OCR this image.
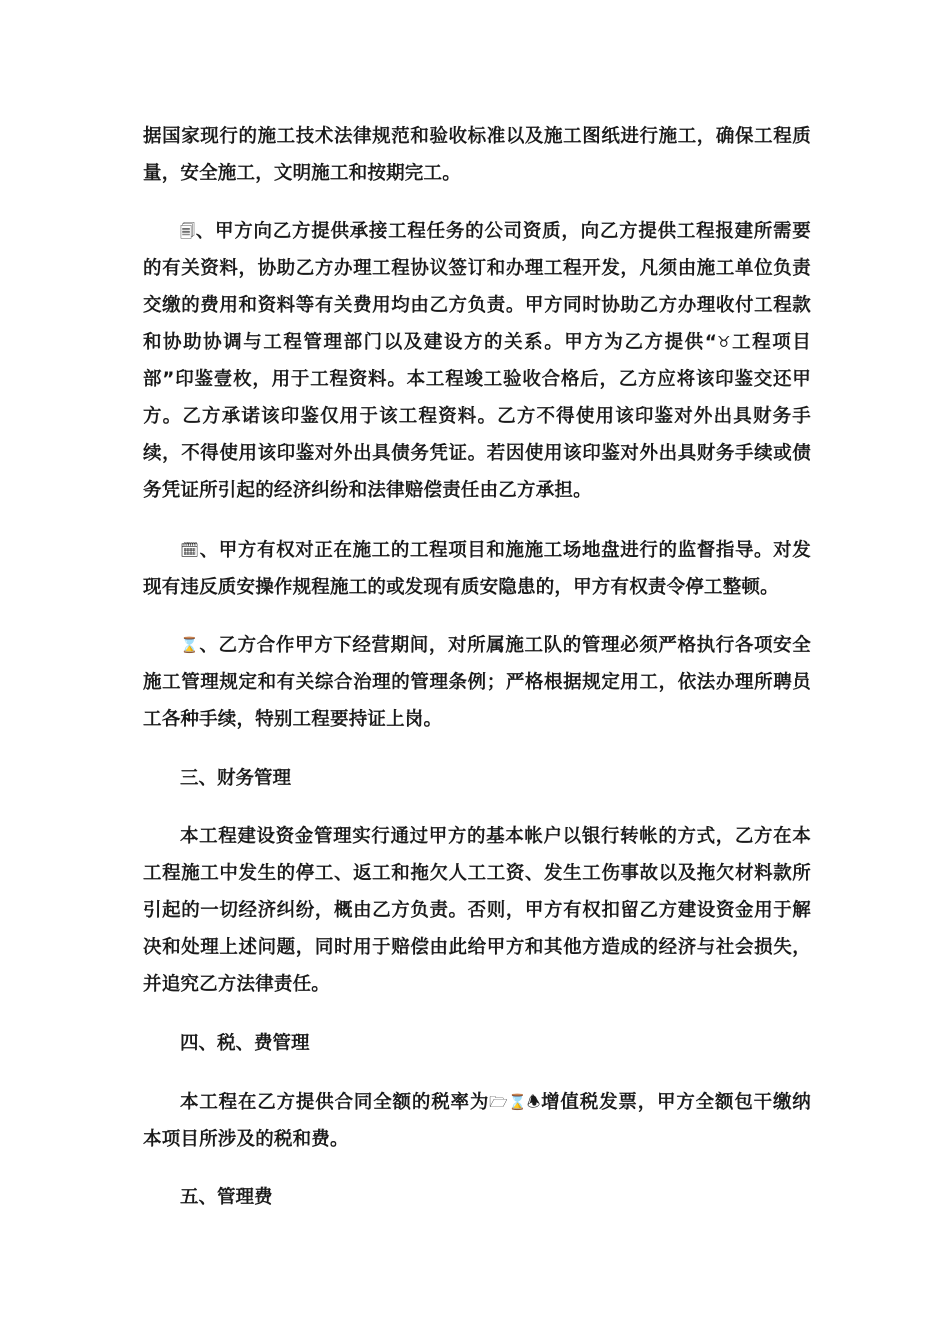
据国家现行的施工技术法律规范和验收标准以及施工图纸进行施工，确保工程质量，安全施工，文明施工和按期完工。

🗐、甲方向乙方提供承接工程任务的公司资质，向乙方提供工程报建所需要的有关资料，协助乙方办理工程协议签订和办理工程开发，凡须由施工单位负责交缴的费用和资料等有关费用均由乙方负责。甲方同时协助乙方办理收付工程款和协助协调与工程管理部门以及建设方的关系。甲方为乙方提供“♉工程项目部”印鉴壹枚，用于工程资料。本工程竣工验收合格后，乙方应将该印鉴交还甲方。乙方承诺该印鉴仅用于该工程资料。乙方不得使用该印鉴对外出具财务手续，不得使用该印鉴对外出具债务凭证。若因使用该印鉴对外出具财务手续或债务凭证所引起的经济纠纷和法律赔偿责任由乙方承担。

🗓、甲方有权对正在施工的工程项目和施施工场地盘进行的监督指导。对发现有违反质安操作规程施工的或发现有质安隐患的，甲方有权责令停工整顿。

⌛、乙方合作甲方下经营期间，对所属施工队的管理必须严格执行各项安全施工管理规定和有关综合治理的管理条例；严格根据规定用工，依法办理所聘员工各种手续，特别工程要持证上岗。

三、财务管理

本工程建设资金管理实行通过甲方的基本帐户以银行转帐的方式，乙方在本工程施工中发生的停工、返工和拖欠人工工资、发生工伤事故以及拖欠材料款所引起的一切经济纠纷，概由乙方负责。否则，甲方有权扣留乙方建设资金用于解决和处理上述问题，同时用于赔偿由此给甲方和其他方造成的经济与社会损失，并追究乙方法律责任。

四、税、费管理

本工程在乙方提供合同全额的税率为🗁⌛🕭增值税发票，甲方全额包干缴纳本项目所涉及的税和费。

五、管理费
